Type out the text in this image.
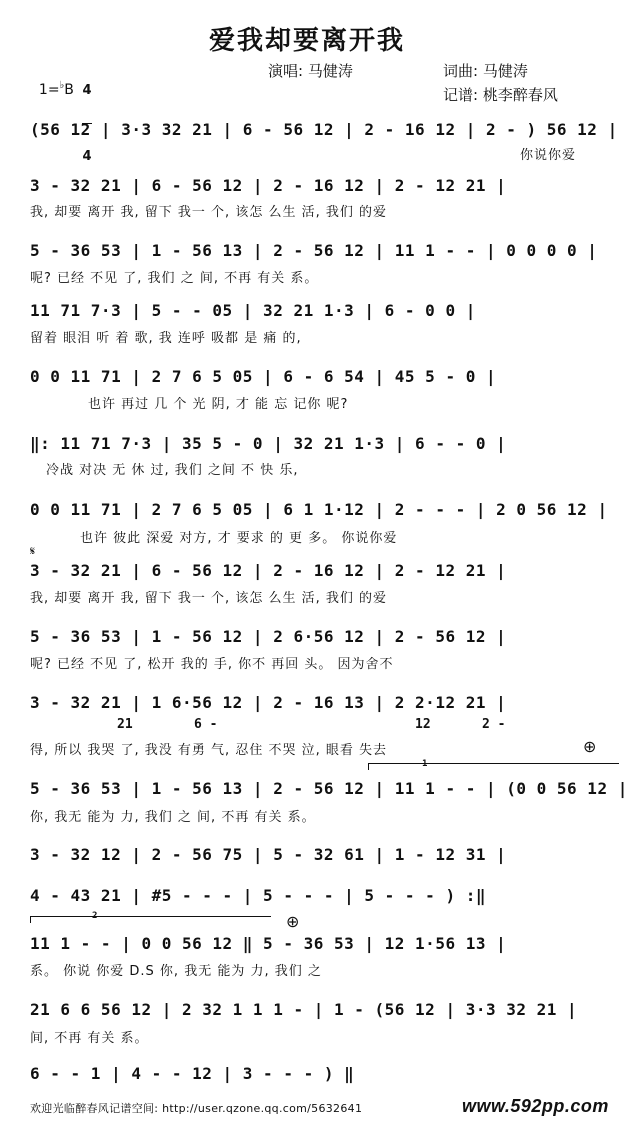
爱我却要离开我

1=♭B

4

4

演唱: 马健涛	词曲: 马健涛
记谱: 桃李醉春风
(56 12 | 3·3 32 21 | 6 - 56 12 | 2 - 16 12 | 2 - ) 56 12 |
你说你爱
3 - 32 21 | 6 - 56 12 | 2 - 16 12 | 2 - 12 21 |
我, 却要 离开 我, 留下 我一 个, 该怎 么生 活, 我们 的爱
5 - 36 53 | 1 - 56 13 | 2 - 56 12 | 11 1 - - | 0 0 0 0 |
呢? 已经 不见 了, 我们 之 间, 不再 有关 系。
11 71 7·3 | 5 - - 05 | 32 21 1·3 | 6 - 0 0 |
留着 眼泪 听 着 歌, 我 连呼 吸都 是 痛 的,
0 0 11 71 | 2 7 6 5 05 | 6 - 6 54 | 45 5 - 0 |
也许 再过 几 个 光 阴, 才 能 忘 记你 呢?
‖: 11 71 7·3 | 35 5 - 0 | 32 21 1·3 | 6 - - 0 |
冷战 对决 无 休 过, 我们 之间 不 快 乐,
0 0 11 71 | 2 7 6 5 05 | 6 1 1·12 | 2 - - - | 2 0 56 12 |
也许 彼此 深爱 对方, 才 要求 的 更 多。 你说你爱
𝄋
3 - 32 21 | 6 - 56 12 | 2 - 16 12 | 2 - 12 21 |
我, 却要 离开 我, 留下 我一 个, 该怎 么生 活, 我们 的爱
5 - 36 53 | 1 - 56 12 | 2 6·56 12 | 2 - 56 12 |
呢? 已经 不见 了, 松开 我的 手, 你不 再回 头。 因为舍不
3 - 32 21 | 1 6·56 12 | 2 - 16 13 | 2 2·12 21 |
21	6 -	12	2 -
得, 所以 我哭 了, 我没 有勇 气, 忍住 不哭 泣, 眼看 失去	⊕
1
5 - 36 53 | 1 - 56 13 | 2 - 56 12 | 11 1 - - | (0 0 56 12 |
你, 我无 能为 力, 我们 之 间, 不再 有关 系。
3 - 32 12 | 2 - 56 75 | 5 - 32 61 | 1 - 12 31 |
4 - 43 21 | #5 - - - | 5 - - - | 5 - - - ) :‖
2	⊕
11 1 - - | 0 0 56 12 ‖ 5 - 36 53 | 12 1·56 13 |
系。 你说 你爱 D.S 你, 我无 能为 力, 我们 之
21 6 6 56 12 | 2 32 1 1 1 - | 1 - (56 12 | 3·3 32 21 |
间, 不再 有关 系。
6 - - 1 | 4 - - 12 | 3 - - - ) ‖
欢迎光临醉春风记谱空间: http://user.qzone.qq.com/5632641	www.592pp.com
